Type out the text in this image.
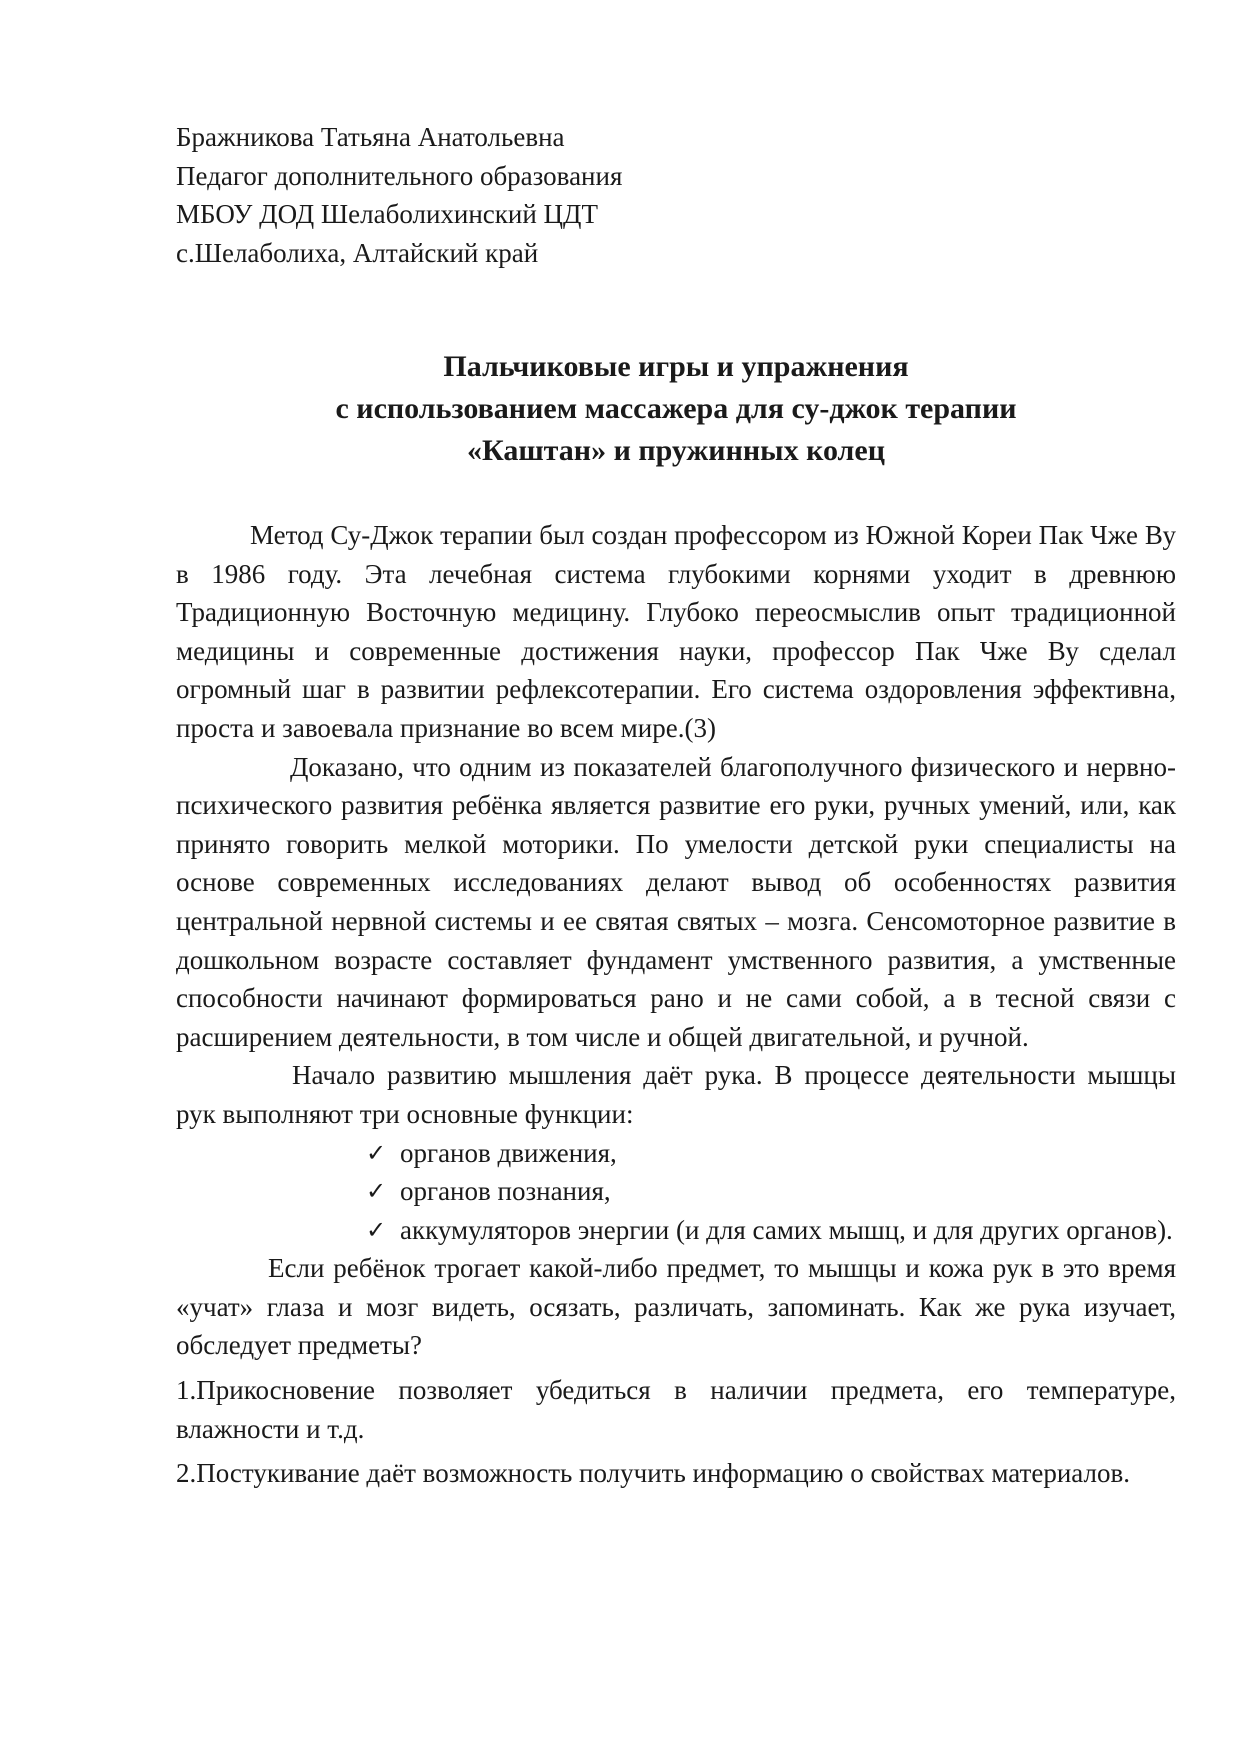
Бражникова Татьяна Анатольевна
Педагог дополнительного образования
МБОУ ДОД Шелаболихинский ЦДТ
с.Шелаболиха, Алтайский край
Пальчиковые игры и упражнения
с использованием массажера для су-джок терапии
«Каштан» и пружинных колец

Метод Су-Джок терапии был создан профессором из Южной Кореи Пак Чже Ву в 1986 году. Эта лечебная система глубокими корнями уходит в древнюю Традиционную Восточную медицину. Глубоко переосмыслив опыт традиционной медицины и современные достижения науки, профессор Пак Чже Ву сделал огромный шаг в развитии рефлексотерапии. Его система оздоровления эффективна, проста и завоевала признание во всем мире.(3)

Доказано, что одним из показателей благополучного физического и нервно-психического развития ребёнка является развитие его руки, ручных умений, или, как принято говорить мелкой моторики. По умелости детской руки специалисты на основе современных исследованиях делают вывод об особенностях развития центральной нервной системы и ее святая святых – мозга. Сенсомоторное развитие в дошкольном возрасте составляет фундамент умственного развития, а умственные способности начинают формироваться рано и не сами собой, а в тесной связи с расширением деятельности, в том числе и общей двигательной, и ручной.

Начало развитию мышления даёт рука. В процессе деятельности мышцы рук выполняют три основные функции:

✓ органов движения,
✓ органов познания,
✓ аккумуляторов энергии (и для самих мышц, и для других органов).

Если ребёнок трогает какой-либо предмет, то мышцы и кожа рук в это время «учат» глаза и мозг видеть, осязать, различать, запоминать. Как же рука изучает, обследует предметы?

1.Прикосновение позволяет убедиться в наличии предмета, его температуре, влажности и т.д.

2.Постукивание даёт возможность получить информацию о свойствах материалов.
